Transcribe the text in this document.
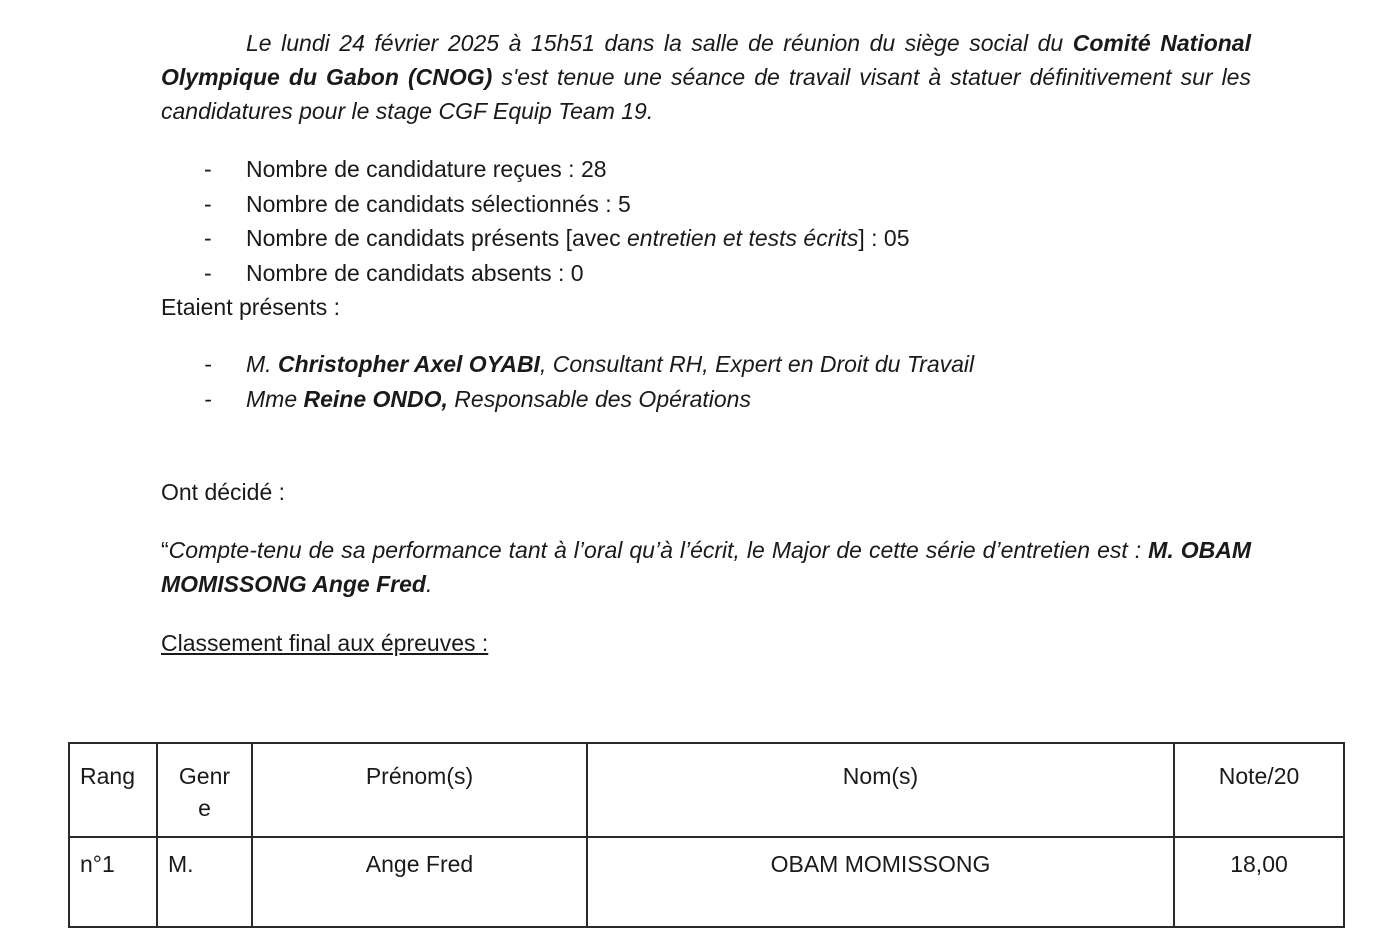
Le lundi 24 février 2025 à 15h51 dans la salle de réunion du siège social du Comité National Olympique du Gabon (CNOG) s'est tenue une séance de travail visant à statuer définitivement sur les candidatures pour le stage CGF Equip Team 19.

- Nombre de candidature reçues : 28
- Nombre de candidats sélectionnés : 5
- Nombre de candidats présents [avec entretien et tests écrits] : 05
- Nombre de candidats absents : 0
Etaient présents :
- M. Christopher Axel OYABI, Consultant RH, Expert en Droit du Travail
- Mme Reine ONDO, Responsable des Opérations
Ont décidé :

“Compte-tenu de sa performance tant à l’oral qu’à l’écrit, le Major de cette série d’entretien est : M. OBAM MOMISSONG Ange Fred.

Classement final aux épreuves :
Rang	Genre	Prénom(s)	Nom(s)	Note/20
n°1	M.	Ange Fred	OBAM MOMISSONG	18,00
